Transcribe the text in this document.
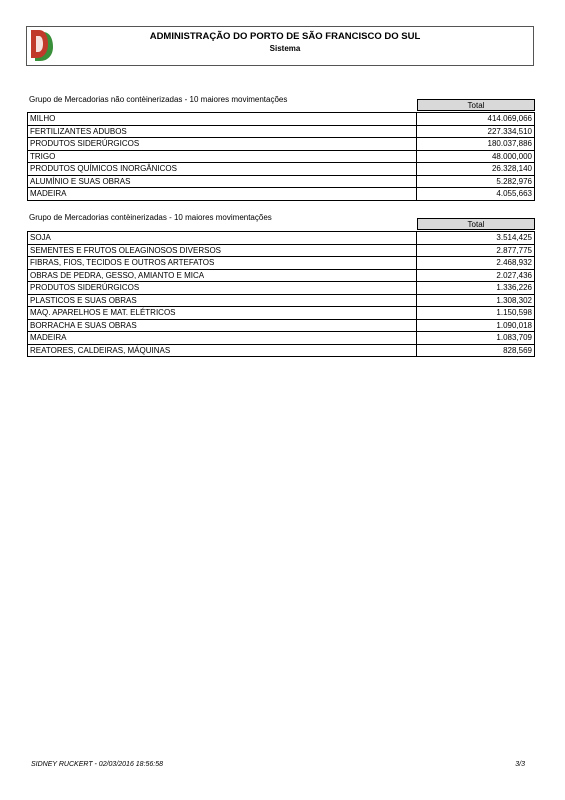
ADMINISTRAÇÃO DO PORTO DE SÃO FRANCISCO DO SUL
Sistema
Grupo de Mercadorias não contèinerizadas - 10 maiores movimentações
Total
MILHO	414.069,066
FERTILIZANTES ADUBOS	227.334,510
PRODUTOS SIDERÚRGICOS	180.037,886
TRIGO	48.000,000
PRODUTOS QUÍMICOS INORGÂNICOS	26.328,140
ALUMÍNIO E SUAS OBRAS	5.282,976
MADEIRA	4.055,663
Grupo de Mercadorias contèinerizadas - 10 maiores movimentações
Total
SOJA	3.514,425
SEMENTES E FRUTOS OLEAGINOSOS DIVERSOS	2.877,775
FIBRAS, FIOS, TECIDOS E OUTROS ARTEFATOS	2.468,932
OBRAS DE PEDRA, GESSO, AMIANTO E MICA	2.027,436
PRODUTOS SIDERÚRGICOS	1.336,226
PLASTICOS E SUAS OBRAS	1.308,302
MAQ. APARELHOS E MAT. ELÉTRICOS	1.150,598
BORRACHA E SUAS OBRAS	1.090,018
MADEIRA	1.083,709
REATORES, CALDEIRAS, MÁQUINAS	828,569
SIDNEY RUCKERT - 02/03/2016 18:56:58	3/3
